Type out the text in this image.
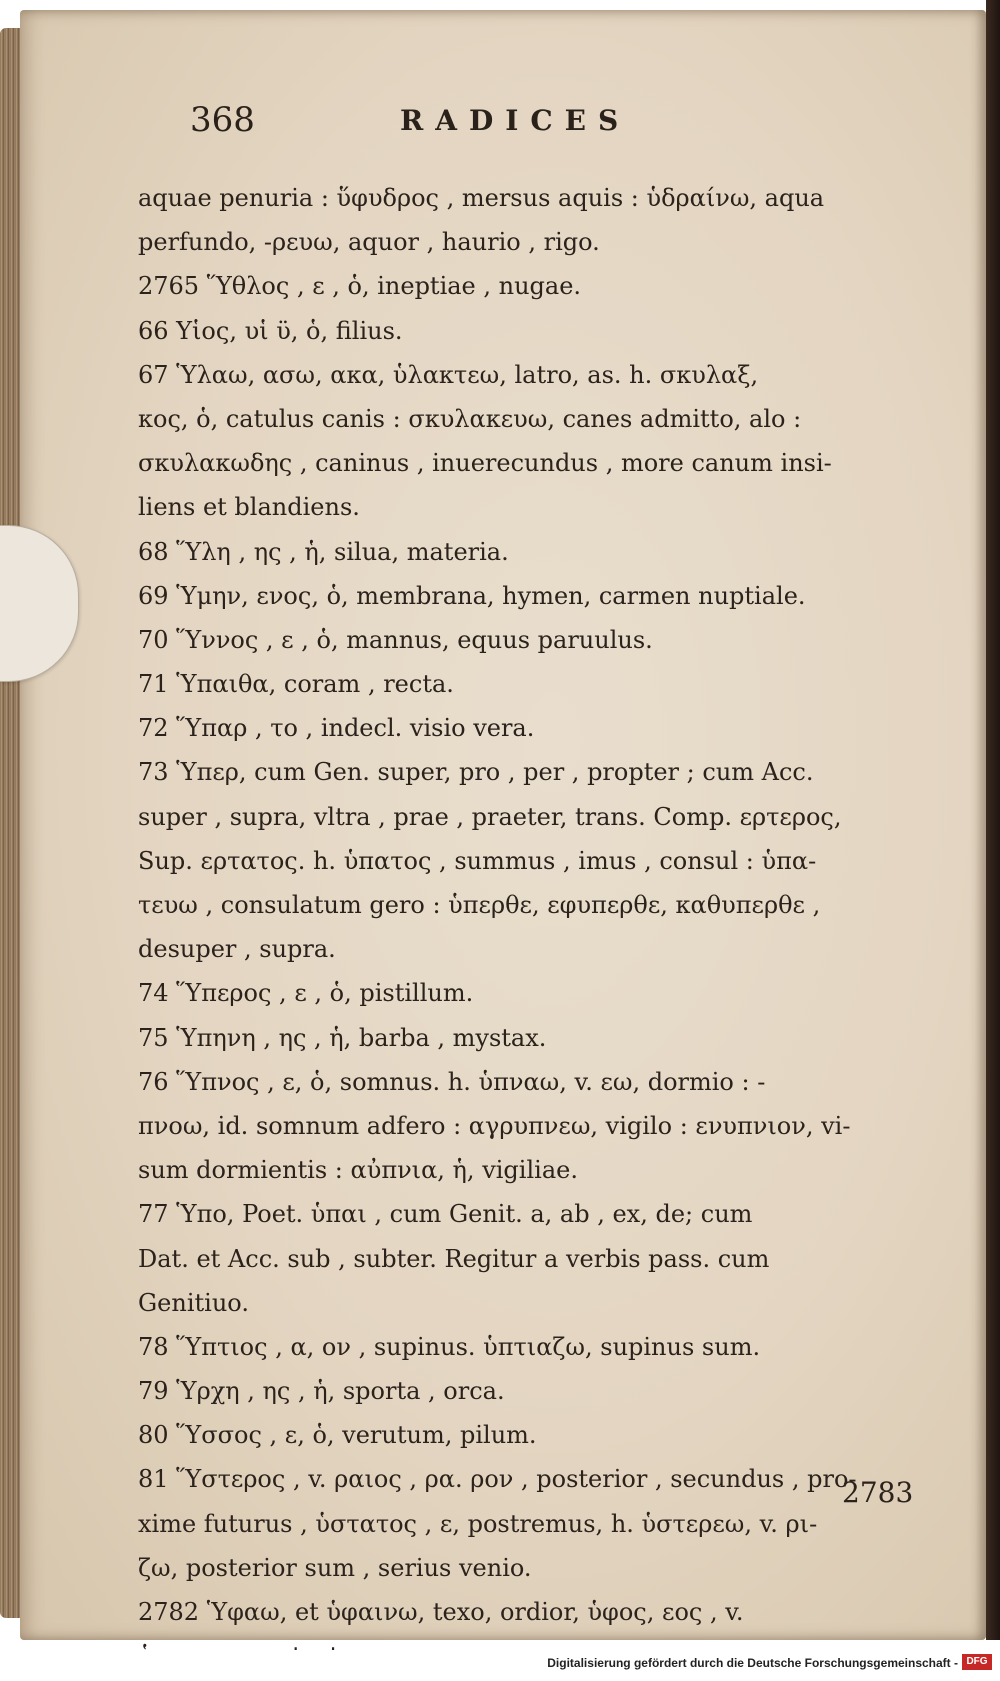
368	RADICES
aquae penuria : ὕφυδρος , mersus aquis : ὑδραίνω, aqua
perfundo, -ρευω, aquor , haurio , rigo.
2765 Ὕθλος , ε , ὁ, ineptiae , nugae.
66 Υἱος, υἱ ϋ, ὁ, filius.
67 Ὑλαω, ασω, ακα, ὑλακτεω, latro, as. h. σκυλαξ,
κος, ὁ, catulus canis : σκυλακευω, canes admitto, alo :
σκυλακωδης , caninus , inuerecundus , more canum insi-
liens et blandiens.
68 Ὕλη , ης , ἡ, silua, materia.
69 Ὑμην, ενος, ὁ, membrana, hymen, carmen nuptiale.
70 Ὕννος , ε , ὁ, mannus, equus paruulus.
71 Ὑπαιθα, coram , recta.
72 Ὕπαρ , το , indecl. visio vera.
73 Ὑπερ, cum Gen. super, pro , per , propter ; cum Acc.
super , supra, vltra , prae , praeter, trans. Comp. ερτερος,
Sup. ερτατος. h. ὑπατος , summus , imus , consul : ὑπα-
τευω , consulatum gero : ὑπερθε, εφυπερθε, καθυπερθε ,
desuper , supra.
74 Ὕπερος , ε , ὁ, pistillum.
75 Ὑπηνη , ης , ἡ, barba , mystax.
76 Ὕπνος , ε, ὁ, somnus. h. ὑπναω, v. εω, dormio : -
πνοω, id. somnum adfero : αγρυπνεω, vigilo : ενυπνιον, vi-
sum dormientis : αὐπνια, ἡ, vigiliae.
77 Ὑπο, Poet. ὑπαι , cum Genit. a, ab , ex, de; cum
Dat. et Acc. sub , subter. Regitur a verbis pass. cum
Genitiuo.
78 Ὕπτιος , α, ον , supinus. ὑπτιαζω, supinus sum.
79 Ὑρχη , ης , ἡ, sporta , orca.
80 Ὕσσος , ε, ὁ, verutum, pilum.
81 Ὕστερος , v. ραιος , ρα. ρον , posterior , secundus , pro-
xime futurus , ὑστατος , ε, postremus, h. ὑστερεω, v. ρι-
ζω, posterior sum , serius venio.
2782 Ὑφαω, et ὑφαινω, texo, ordior, ὑφος, εος , v.
2783
Digitalisierung gefördert durch die Deutsche Forschungsgemeinschaft - DFG
